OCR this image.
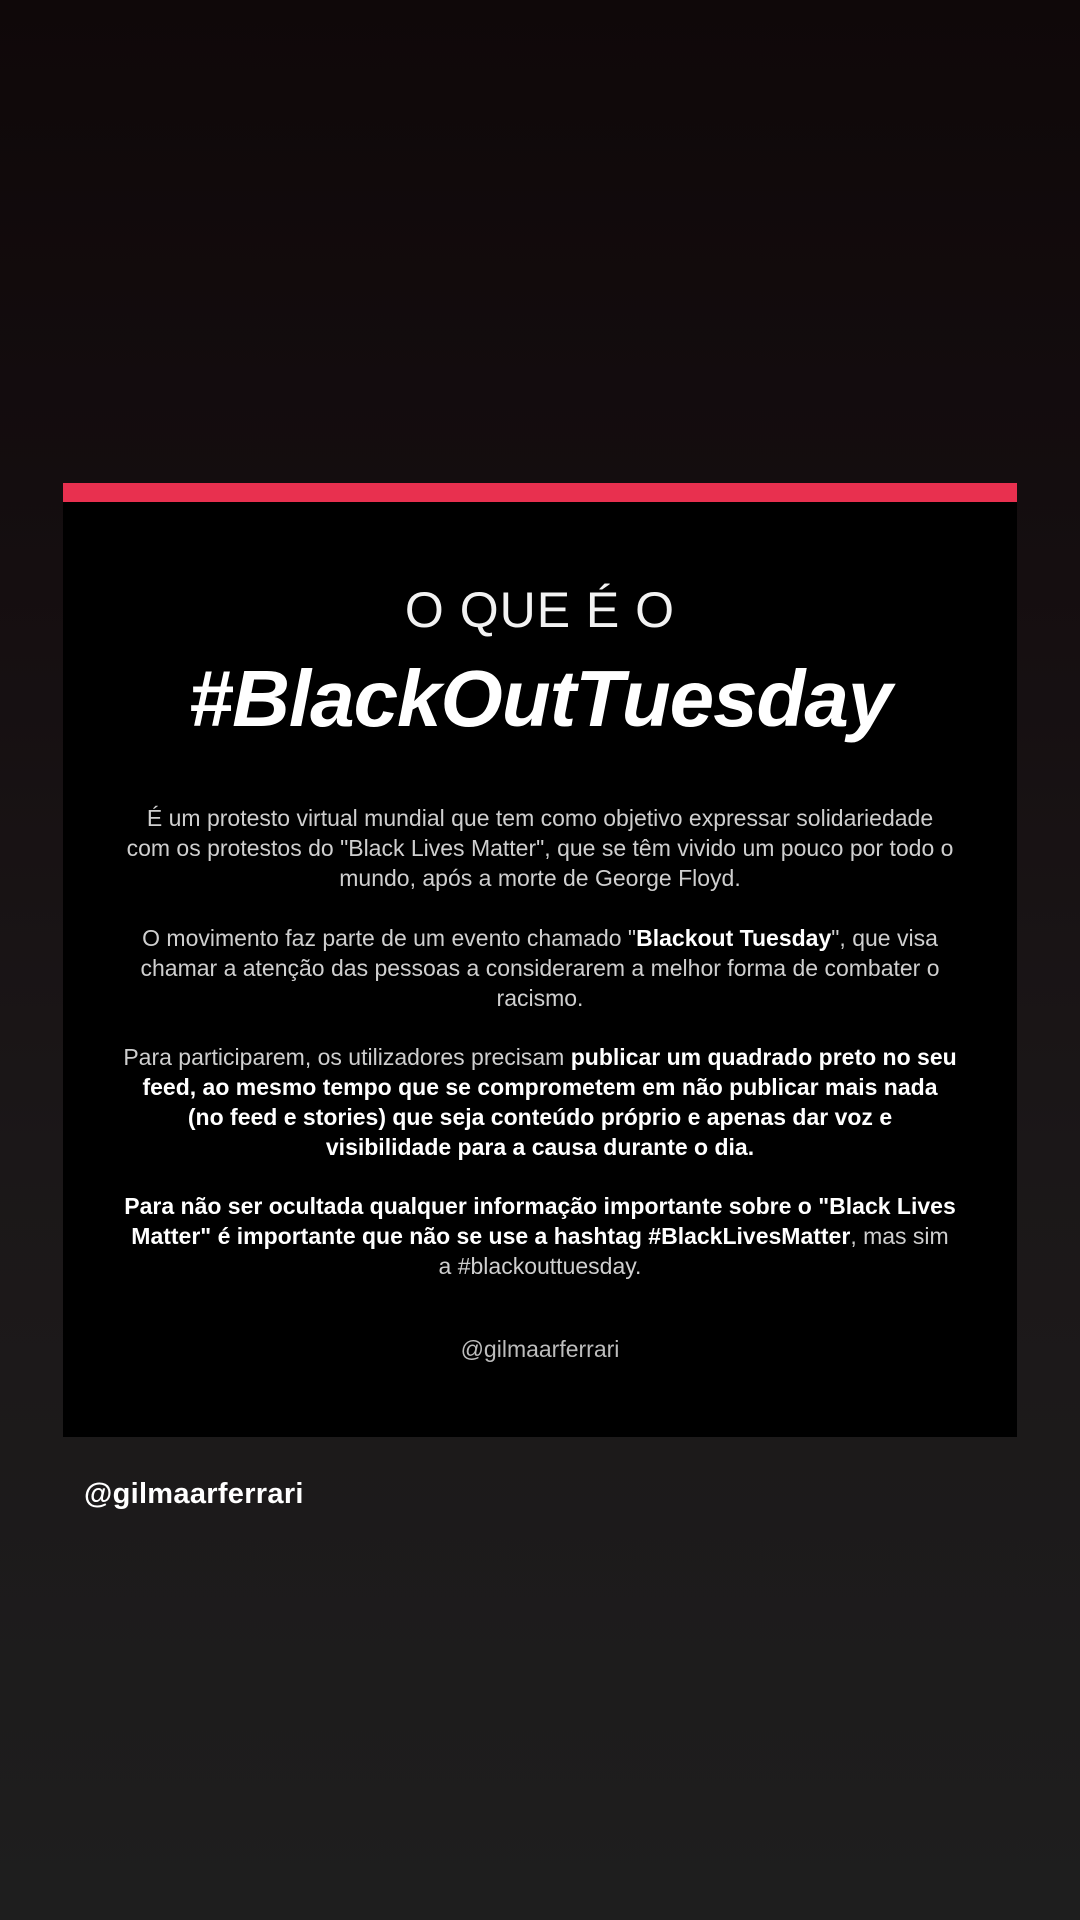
O QUE É O
#BlackOutTuesday
É um protesto virtual mundial que tem como objetivo expressar solidariedade com os protestos do "Black Lives Matter", que se têm vivido um pouco por todo o mundo, após a morte de George Floyd.
O movimento faz parte de um evento chamado "Blackout Tuesday", que visa chamar a atenção das pessoas a considerarem a melhor forma de combater o racismo.
Para participarem, os utilizadores precisam publicar um quadrado preto no seu feed, ao mesmo tempo que se comprometem em não publicar mais nada (no feed e stories) que seja conteúdo próprio e apenas dar voz e visibilidade para a causa durante o dia.
Para não ser ocultada qualquer informação importante sobre o "Black Lives Matter" é importante que não se use a hashtag #BlackLivesMatter, mas sim a #blackouttuesday.
@gilmaarferrari
@gilmaarferrari
